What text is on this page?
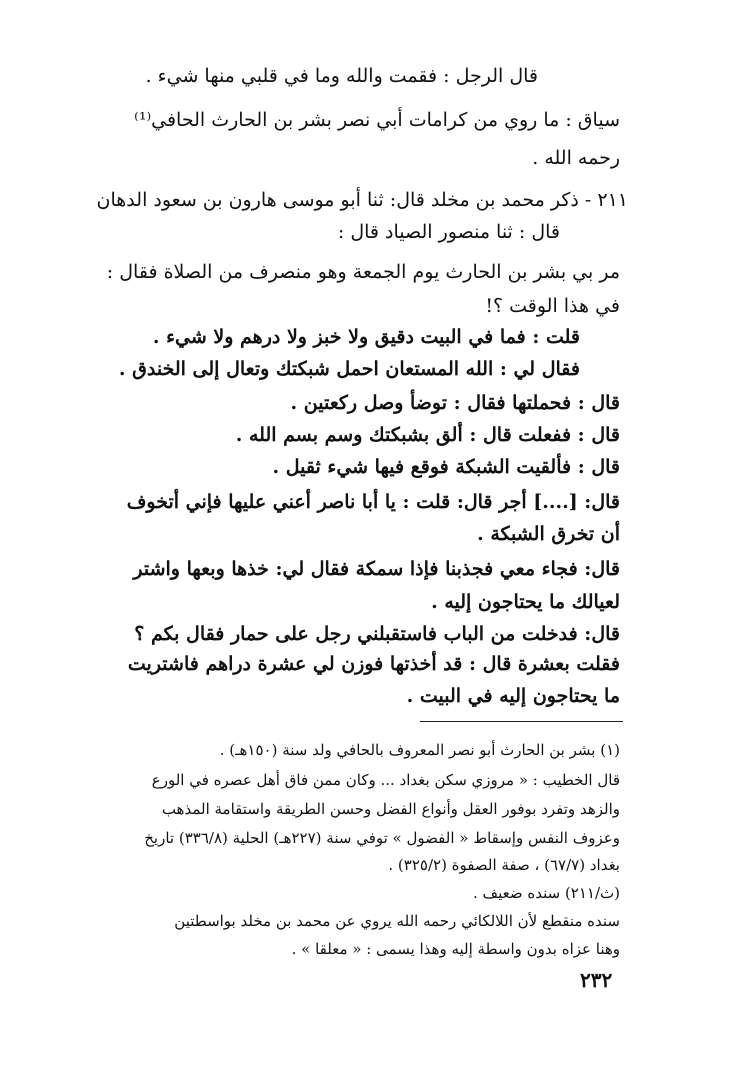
قال الرجل : فقمت والله وما في قلبي منها شيء .
سياق : ما روي من كرامات أبي نصر بشر بن الحارث الحافي⁽¹⁾
رحمه الله .
٢١١ - ذكر محمد بن مخلد قال: ثنا أبو موسى هارون بن سعود الدهان
قال : ثنا منصور الصياد قال :
مر بي بشر بن الحارث يوم الجمعة وهو منصرف من الصلاة فقال :
في هذا الوقت ؟!
قلت : فما في البيت دقيق ولا خبز ولا درهم ولا شيء .
فقال لي : الله المستعان احمل شبكتك وتعال إلى الخندق .
قال : فحملتها فقال : توضأ وصل ركعتين .
قال : ففعلت قال : ألق بشبكتك وسم بسم الله .
قال : فألقيت الشبكة فوقع فيها شيء ثقيل .
قال: [....] أجر قال: قلت : يا أبا ناصر أعني عليها فإني أتخوف
أن تخرق الشبكة .
قال: فجاء معي فجذبنا فإذا سمكة فقال لي: خذها وبعها واشتر
لعيالك ما يحتاجون إليه .
قال: فدخلت من الباب فاستقبلني رجل على حمار فقال بكم ؟
فقلت بعشرة قال : قد أخذتها فوزن لي عشرة دراهم فاشتريت
ما يحتاجون إليه في البيت .
(١) بشر بن الحارث أبو نصر المعروف بالحافي ولد سنة (١٥٠هـ) .
قال الخطيب : « مروزي سكن بغداد ... وكان ممن فاق أهل عصره في الورع
والزهد وتفرد بوفور العقل وأنواع الفضل وحسن الطريقة واستقامة المذهب
وعزوف النفس وإسقاط « الفضول » توفي سنة (٢٢٧هـ) الحلية (٣٣٦/٨) تاريخ
بغداد (٦٧/٧) ، صفة الصفوة (٣٢٥/٢) .
(ث/٢١١) سنده ضعيف .
سنده منقطع لأن اللالكائي رحمه الله يروي عن محمد بن مخلد بواسطتين
وهنا عزاه بدون واسطة إليه وهذا يسمى : « معلقا » .
٢٣٢
